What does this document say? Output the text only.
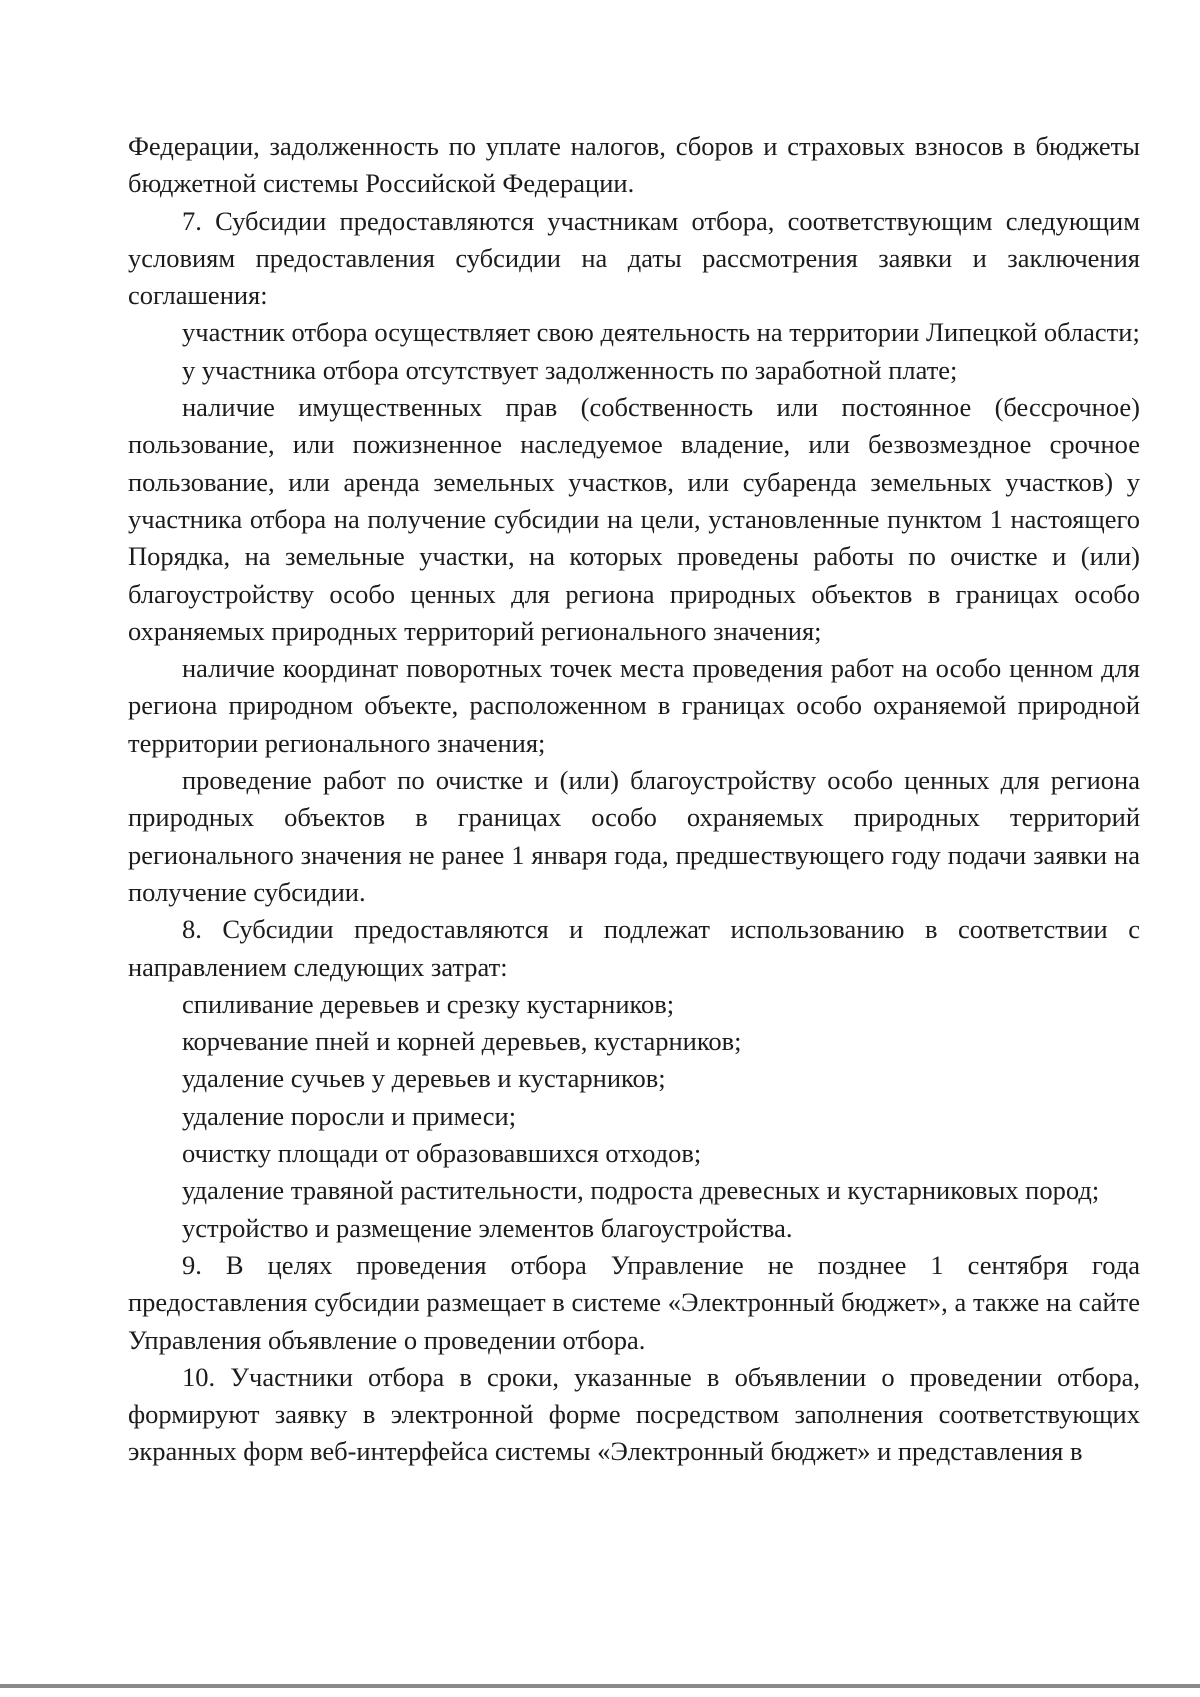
Федерации, задолженность по уплате налогов, сборов и страховых взносов в бюджеты бюджетной системы Российской Федерации.

7. Субсидии предоставляются участникам отбора, соответствующим следующим условиям предоставления субсидии на даты рассмотрения заявки и заключения соглашения:

участник отбора осуществляет свою деятельность на территории Липецкой области;

у участника отбора отсутствует задолженность по заработной плате;

наличие имущественных прав (собственность или постоянное (бессрочное) пользование, или пожизненное наследуемое владение, или безвозмездное срочное пользование, или аренда земельных участков, или субаренда земельных участков) у участника отбора на получение субсидии на цели, установленные пунктом 1 настоящего Порядка, на земельные участки, на которых проведены работы по очистке и (или) благоустройству особо ценных для региона природных объектов в границах особо охраняемых природных территорий регионального значения;

наличие координат поворотных точек места проведения работ на особо ценном для региона природном объекте, расположенном в границах особо охраняемой природной территории регионального значения;

проведение работ по очистке и (или) благоустройству особо ценных для региона природных объектов в границах особо охраняемых природных территорий регионального значения не ранее 1 января года, предшествующего году подачи заявки на получение субсидии.

8. Субсидии предоставляются и подлежат использованию в соответствии с направлением следующих затрат:

спиливание деревьев и срезку кустарников;

корчевание пней и корней деревьев, кустарников;

удаление сучьев у деревьев и кустарников;

удаление поросли и примеси;

очистку площади от образовавшихся отходов;

удаление травяной растительности, подроста древесных и кустарниковых пород;

устройство и размещение элементов благоустройства.

9. В целях проведения отбора Управление не позднее 1 сентября года предоставления субсидии размещает в системе «Электронный бюджет», а также на сайте Управления объявление о проведении отбора.

10. Участники отбора в сроки, указанные в объявлении о проведении отбора, формируют заявку в электронной форме посредством заполнения соответствующих экранных форм веб-интерфейса системы «Электронный бюджет» и представления в
